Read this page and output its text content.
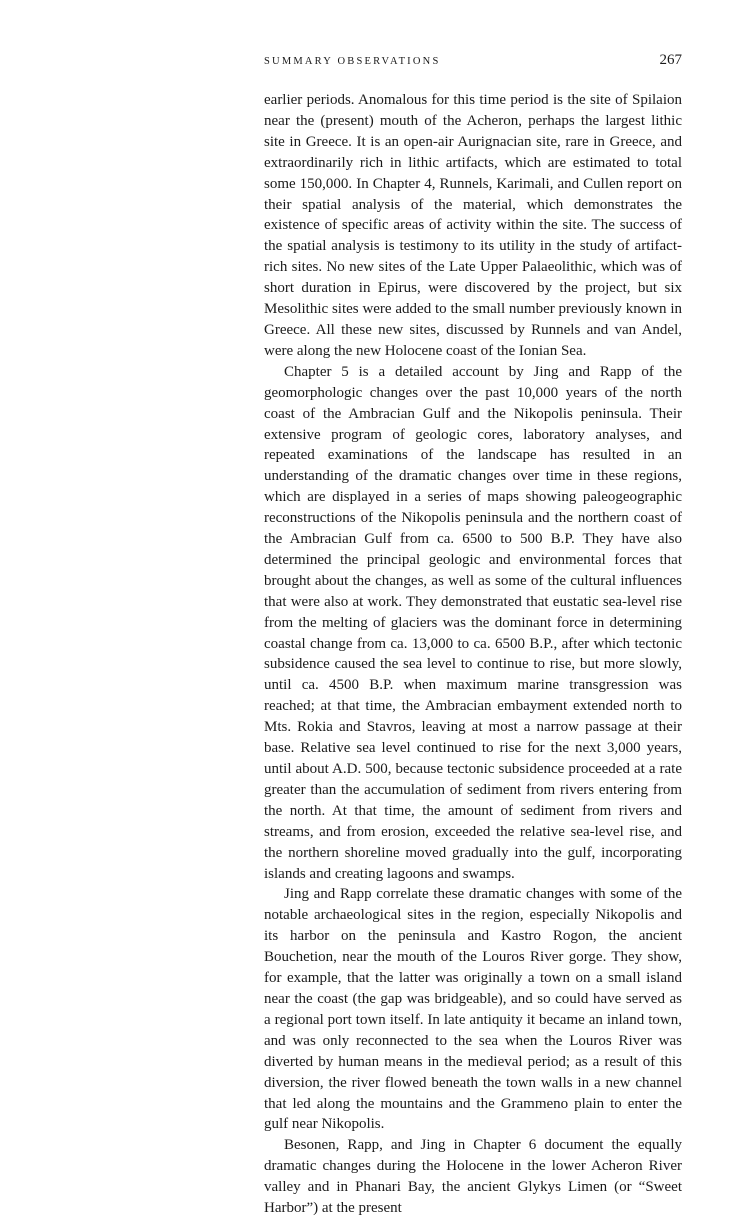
SUMMARY OBSERVATIONS	267

earlier periods. Anomalous for this time period is the site of Spilaion near the (present) mouth of the Acheron, perhaps the largest lithic site in Greece. It is an open-air Aurignacian site, rare in Greece, and extraordinarily rich in lithic artifacts, which are estimated to total some 150,000. In Chapter 4, Runnels, Karimali, and Cullen report on their spatial analysis of the material, which demonstrates the existence of specific areas of activity within the site. The success of the spatial analysis is testimony to its utility in the study of artifact-rich sites. No new sites of the Late Upper Palaeolithic, which was of short duration in Epirus, were discovered by the project, but six Mesolithic sites were added to the small number previously known in Greece. All these new sites, discussed by Runnels and van Andel, were along the new Holocene coast of the Ionian Sea.

Chapter 5 is a detailed account by Jing and Rapp of the geomorphologic changes over the past 10,000 years of the north coast of the Ambracian Gulf and the Nikopolis peninsula. Their extensive program of geologic cores, laboratory analyses, and repeated examinations of the landscape has resulted in an understanding of the dramatic changes over time in these regions, which are displayed in a series of maps showing paleogeographic reconstructions of the Nikopolis peninsula and the northern coast of the Ambracian Gulf from ca. 6500 to 500 B.P. They have also determined the principal geologic and environmental forces that brought about the changes, as well as some of the cultural influences that were also at work. They demonstrated that eustatic sea-level rise from the melting of glaciers was the dominant force in determining coastal change from ca. 13,000 to ca. 6500 B.P., after which tectonic subsidence caused the sea level to continue to rise, but more slowly, until ca. 4500 B.P. when maximum marine transgression was reached; at that time, the Ambracian embayment extended north to Mts. Rokia and Stavros, leaving at most a narrow passage at their base. Relative sea level continued to rise for the next 3,000 years, until about A.D. 500, because tectonic subsidence proceeded at a rate greater than the accumulation of sediment from rivers entering from the north. At that time, the amount of sediment from rivers and streams, and from erosion, exceeded the relative sea-level rise, and the northern shoreline moved gradually into the gulf, incorporating islands and creating lagoons and swamps.

Jing and Rapp correlate these dramatic changes with some of the notable archaeological sites in the region, especially Nikopolis and its harbor on the peninsula and Kastro Rogon, the ancient Bouchetion, near the mouth of the Louros River gorge. They show, for example, that the latter was originally a town on a small island near the coast (the gap was bridgeable), and so could have served as a regional port town itself. In late antiquity it became an inland town, and was only reconnected to the sea when the Louros River was diverted by human means in the medieval period; as a result of this diversion, the river flowed beneath the town walls in a new channel that led along the mountains and the Grammeno plain to enter the gulf near Nikopolis.

Besonen, Rapp, and Jing in Chapter 6 document the equally dramatic changes during the Holocene in the lower Acheron River valley and in Phanari Bay, the ancient Glykys Limen (or “Sweet Harbor”) at the present
